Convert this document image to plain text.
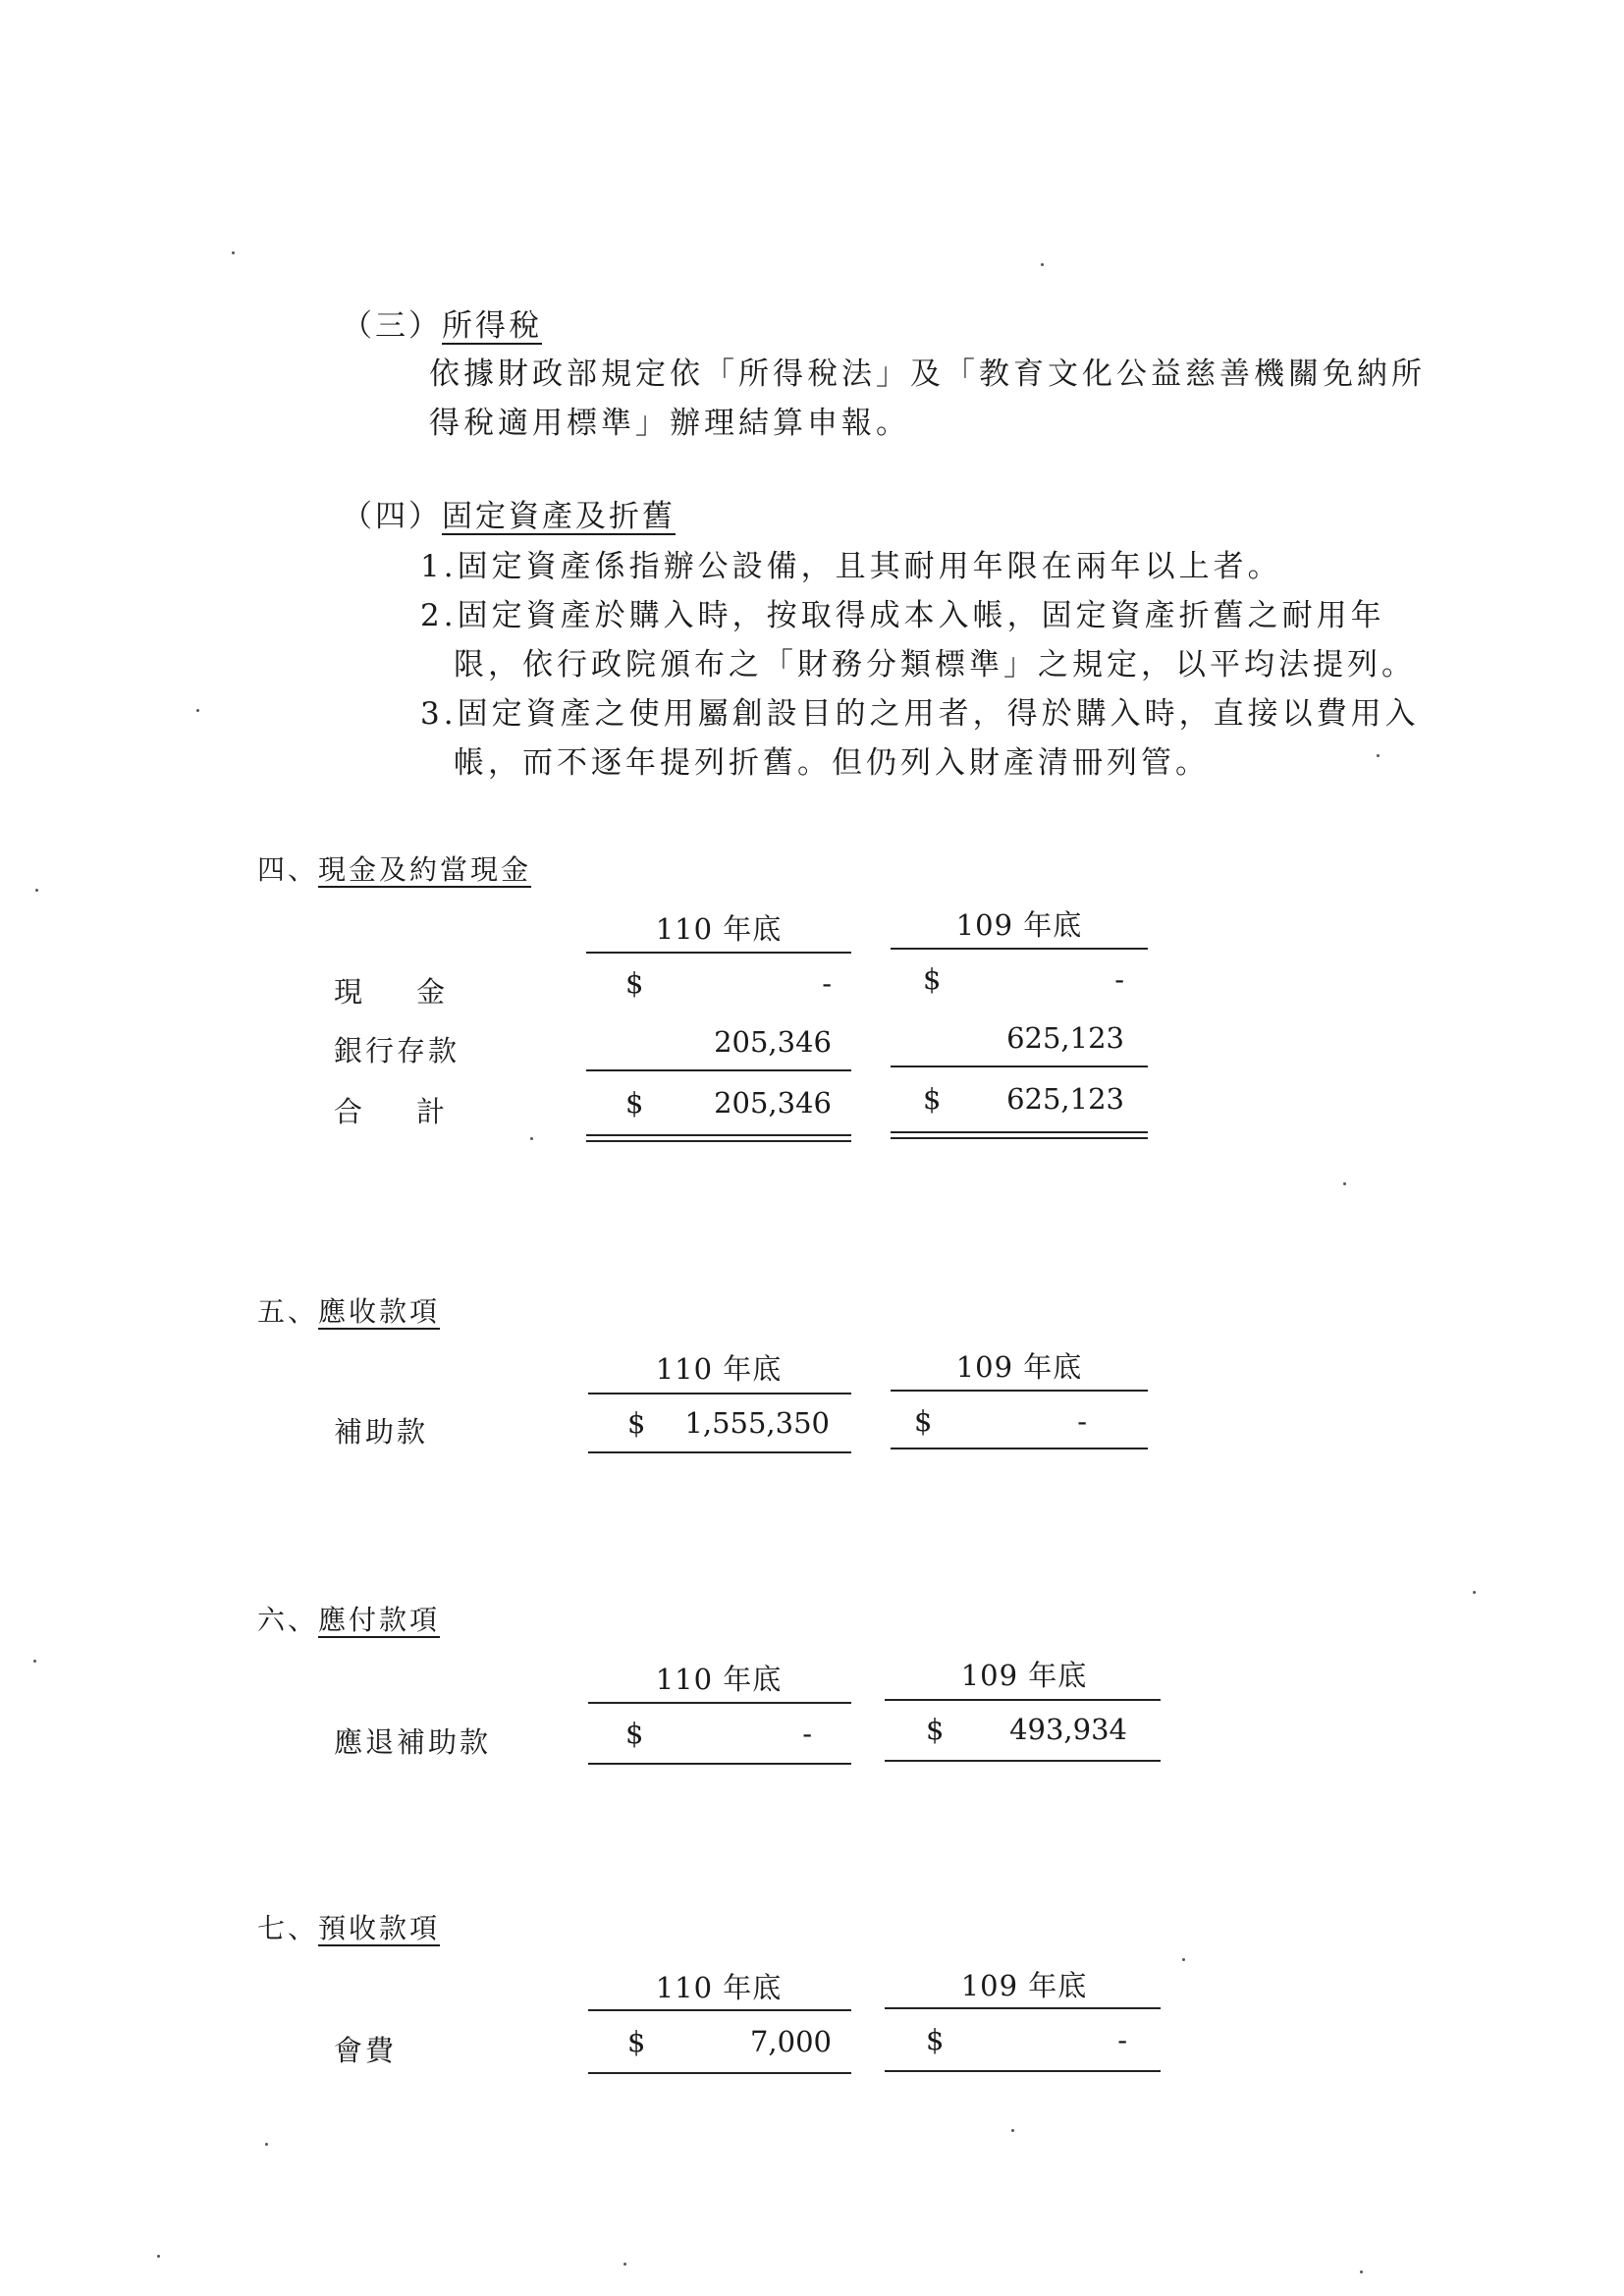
（三）所得稅
依據財政部規定依「所得稅法」及「教育文化公益慈善機關免納所
得稅適用標準」辦理結算申報。
（四）固定資產及折舊
1.固定資產係指辦公設備，且其耐用年限在兩年以上者。
2.固定資產於購入時，按取得成本入帳，固定資產折舊之耐用年
限，依行政院頒布之「財務分類標準」之規定，以平均法提列。
3.固定資產之使用屬創設目的之用者，得於購入時，直接以費用入
帳，而不逐年提列折舊。但仍列入財產清冊列管。
四、現金及約當現金
110 年底	109 年底
現金	$	-	$	-
銀行存款	205,346	625,123
合計	$ 205,346	$ 625,123
五、應收款項
110 年底	109 年底
補助款	$ 1,555,350	$	-
六、應付款項
110 年底	109 年底
應退補助款	$	-	$ 493,934
七、預收款項
110 年底	109 年底
會費	$	7,000	$	-
